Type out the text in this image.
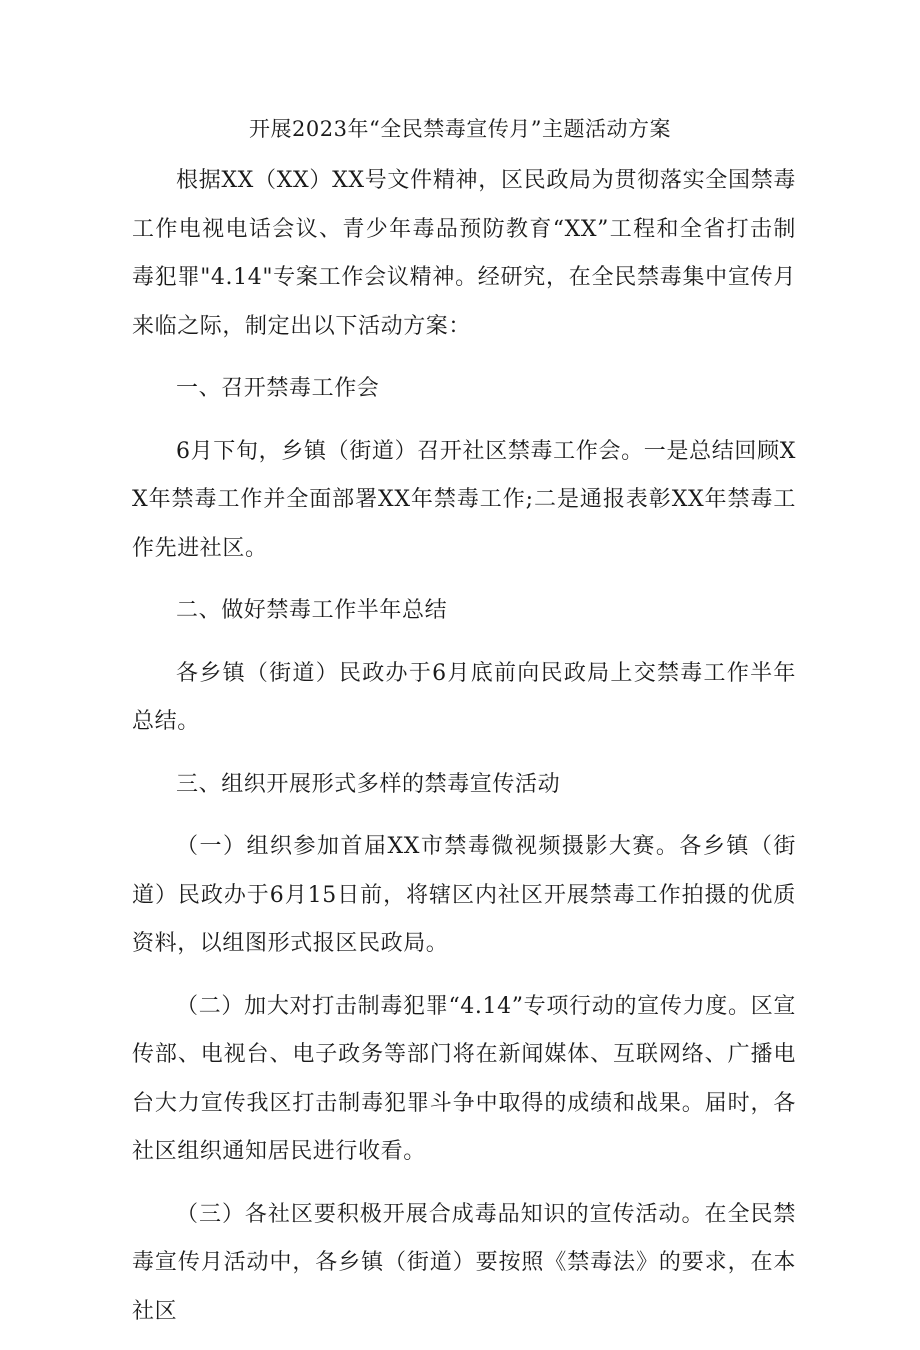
开展2023年“全民禁毒宣传月”主题活动方案

根据XX（XX）XX号文件精神，区民政局为贯彻落实全国禁毒工作电视电话会议、青少年毒品预防教育“XX”工程和全省打击制毒犯罪"4.14"专案工作会议精神。经研究，在全民禁毒集中宣传月来临之际，制定出以下活动方案：

一、召开禁毒工作会

6月下旬，乡镇（街道）召开社区禁毒工作会。一是总结回顾XX年禁毒工作并全面部署XX年禁毒工作;二是通报表彰XX年禁毒工作先进社区。

二、做好禁毒工作半年总结

各乡镇（街道）民政办于6月底前向民政局上交禁毒工作半年总结。

三、组织开展形式多样的禁毒宣传活动

（一）组织参加首届XX市禁毒微视频摄影大赛。各乡镇（街道）民政办于6月15日前，将辖区内社区开展禁毒工作拍摄的优质资料，以组图形式报区民政局。

（二）加大对打击制毒犯罪“4.14”专项行动的宣传力度。区宣传部、电视台、电子政务等部门将在新闻媒体、互联网络、广播电台大力宣传我区打击制毒犯罪斗争中取得的成绩和战果。届时，各社区组织通知居民进行收看。

（三）各社区要积极开展合成毒品知识的宣传活动。在全民禁毒宣传月活动中，各乡镇（街道）要按照《禁毒法》的要求，在本社区
